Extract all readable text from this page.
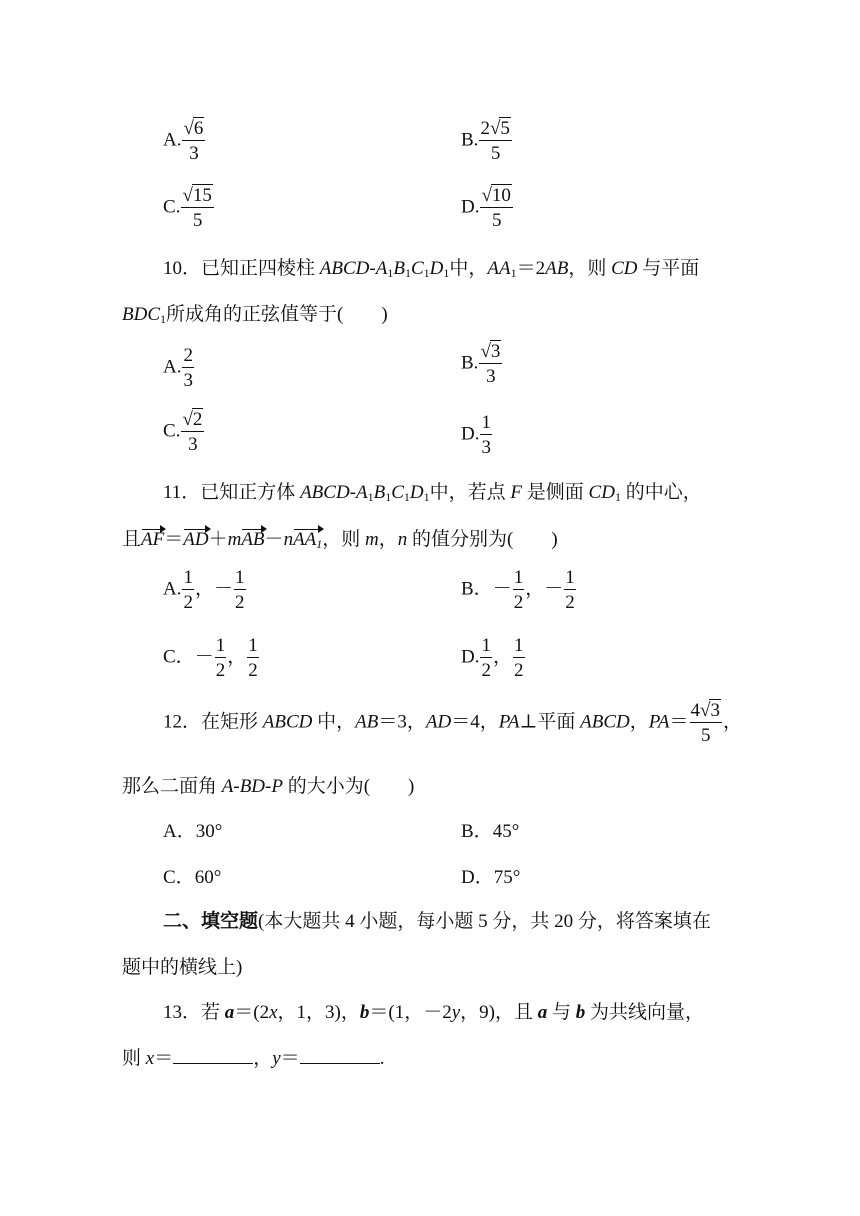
A. $\frac{√6}{3}$	B. $\frac{2√5}{5}$
C. $\frac{√15}{5}$	D. $\frac{√10}{5}$
10．已知正四棱柱 ABCD-$A_1B_1C_1D_1$中，$AA_1=2AB$，则 CD 与平面
$BDC_1$所成角的正弦值等于(　　)
A. $\frac{2}{3}$	B. $\frac{√3}{3}$
C. $\frac{√2}{3}$	D. $\frac{1}{3}$
11．已知正方体 ABCD-$A_1B_1C_1D_1$中，若点 F 是侧面 $CD_1$ 的中心，
且AF＝AD＋mAB－nAA$_1$，则 m，n 的值分别为(　　)
A. $\frac{1}{2}$ ，－ $\frac{1}{2}$	B．－ $\frac{1}{2}$ ，－ $\frac{1}{2}$
C．－ $\frac{1}{2}$ ， $\frac{1}{2}$	D. $\frac{1}{2}$ ， $\frac{1}{2}$
12．在矩形 ABCD 中，AB＝3，AD＝4，PA⊥平面 ABCD，$PA= \frac{4√3}{5}$ ，
那么二面角 A-BD-P 的大小为(　　)
A．30°	B．45°
C．60°	D．75°
二、填空题(本大题共 4 小题，每小题 5 分，共 20 分，将答案填在
题中的横线上)
13．若 a＝(2x，1，3)，b＝(1，－2y，9)，且 a 与 b 为共线向量，
则 x＝	，y＝	.
